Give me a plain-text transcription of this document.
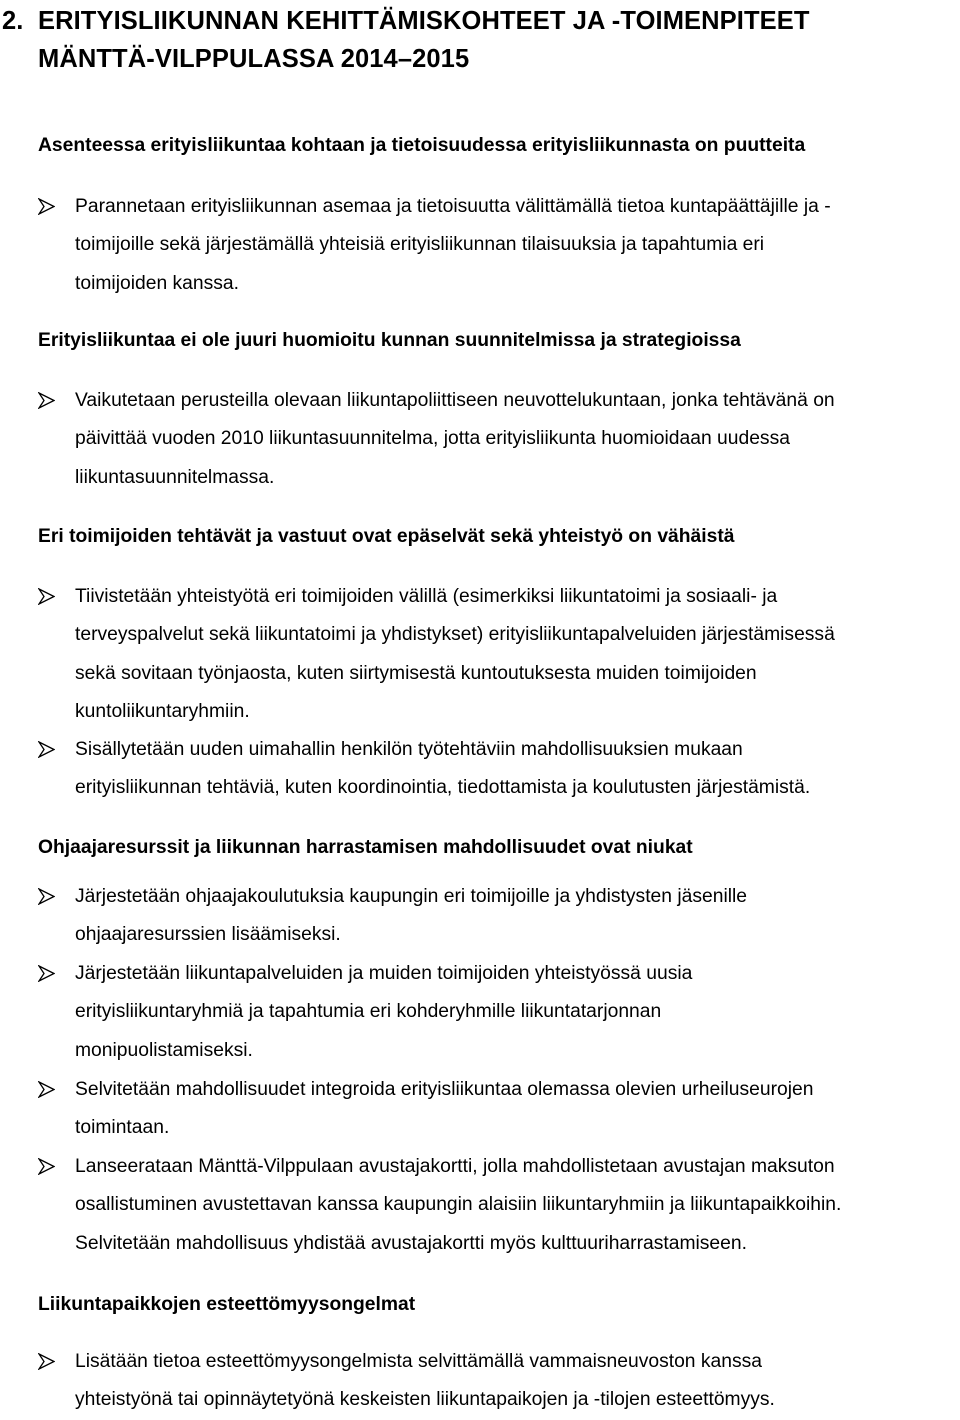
2. ERITYISLIIKUNNAN KEHITTÄMISKOHTEET JA -TOIMENPITEET
MÄNTTÄ-VILPPULASSA 2014–2015
Asenteessa erityisliikuntaa kohtaan ja tietoisuudessa erityisliikunnasta on puutteita
Parannetaan erityisliikunnan asemaa ja tietoisuutta välittämällä tietoa kuntapäättäjille ja -
toimijoille sekä järjestämällä yhteisiä erityisliikunnan tilaisuuksia ja tapahtumia eri
toimijoiden kanssa.
Erityisliikuntaa ei ole juuri huomioitu kunnan suunnitelmissa ja strategioissa
Vaikutetaan perusteilla olevaan liikuntapoliittiseen neuvottelukuntaan, jonka tehtävänä on
päivittää vuoden 2010 liikuntasuunnitelma, jotta erityisliikunta huomioidaan uudessa
liikuntasuunnitelmassa.
Eri toimijoiden tehtävät ja vastuut ovat epäselvät sekä yhteistyö on vähäistä
Tiivistetään yhteistyötä eri toimijoiden välillä (esimerkiksi liikuntatoimi ja sosiaali- ja
terveyspalvelut sekä liikuntatoimi ja yhdistykset) erityisliikuntapalveluiden järjestämisessä
sekä sovitaan työnjaosta, kuten siirtymisestä kuntoutuksesta muiden toimijoiden
kuntoliikuntaryhmiin.
Sisällytetään uuden uimahallin henkilön työtehtäviin mahdollisuuksien mukaan
erityisliikunnan tehtäviä, kuten koordinointia, tiedottamista ja koulutusten järjestämistä.
Ohjaajaresurssit ja liikunnan harrastamisen mahdollisuudet ovat niukat
Järjestetään ohjaajakoulutuksia kaupungin eri toimijoille ja yhdistysten jäsenille
ohjaajaresurssien lisäämiseksi.
Järjestetään liikuntapalveluiden ja muiden toimijoiden yhteistyössä uusia
erityisliikuntaryhmiä ja tapahtumia eri kohderyhmille liikuntatarjonnan
monipuolistamiseksi.
Selvitetään mahdollisuudet integroida erityisliikuntaa olemassa olevien urheiluseurojen
toimintaan.
Lanseerataan Mänttä-Vilppulaan avustajakortti, jolla mahdollistetaan avustajan maksuton
osallistuminen avustettavan kanssa kaupungin alaisiin liikuntaryhmiin ja liikuntapaikkoihin.
Selvitetään mahdollisuus yhdistää avustajakortti myös kulttuuriharrastamiseen.
Liikuntapaikkojen esteettömyysongelmat
Lisätään tietoa esteettömyysongelmista selvittämällä vammaisneuvoston kanssa
yhteistyönä tai opinnäytetyönä keskeisten liikuntapaikojen ja -tilojen esteettömyys.
